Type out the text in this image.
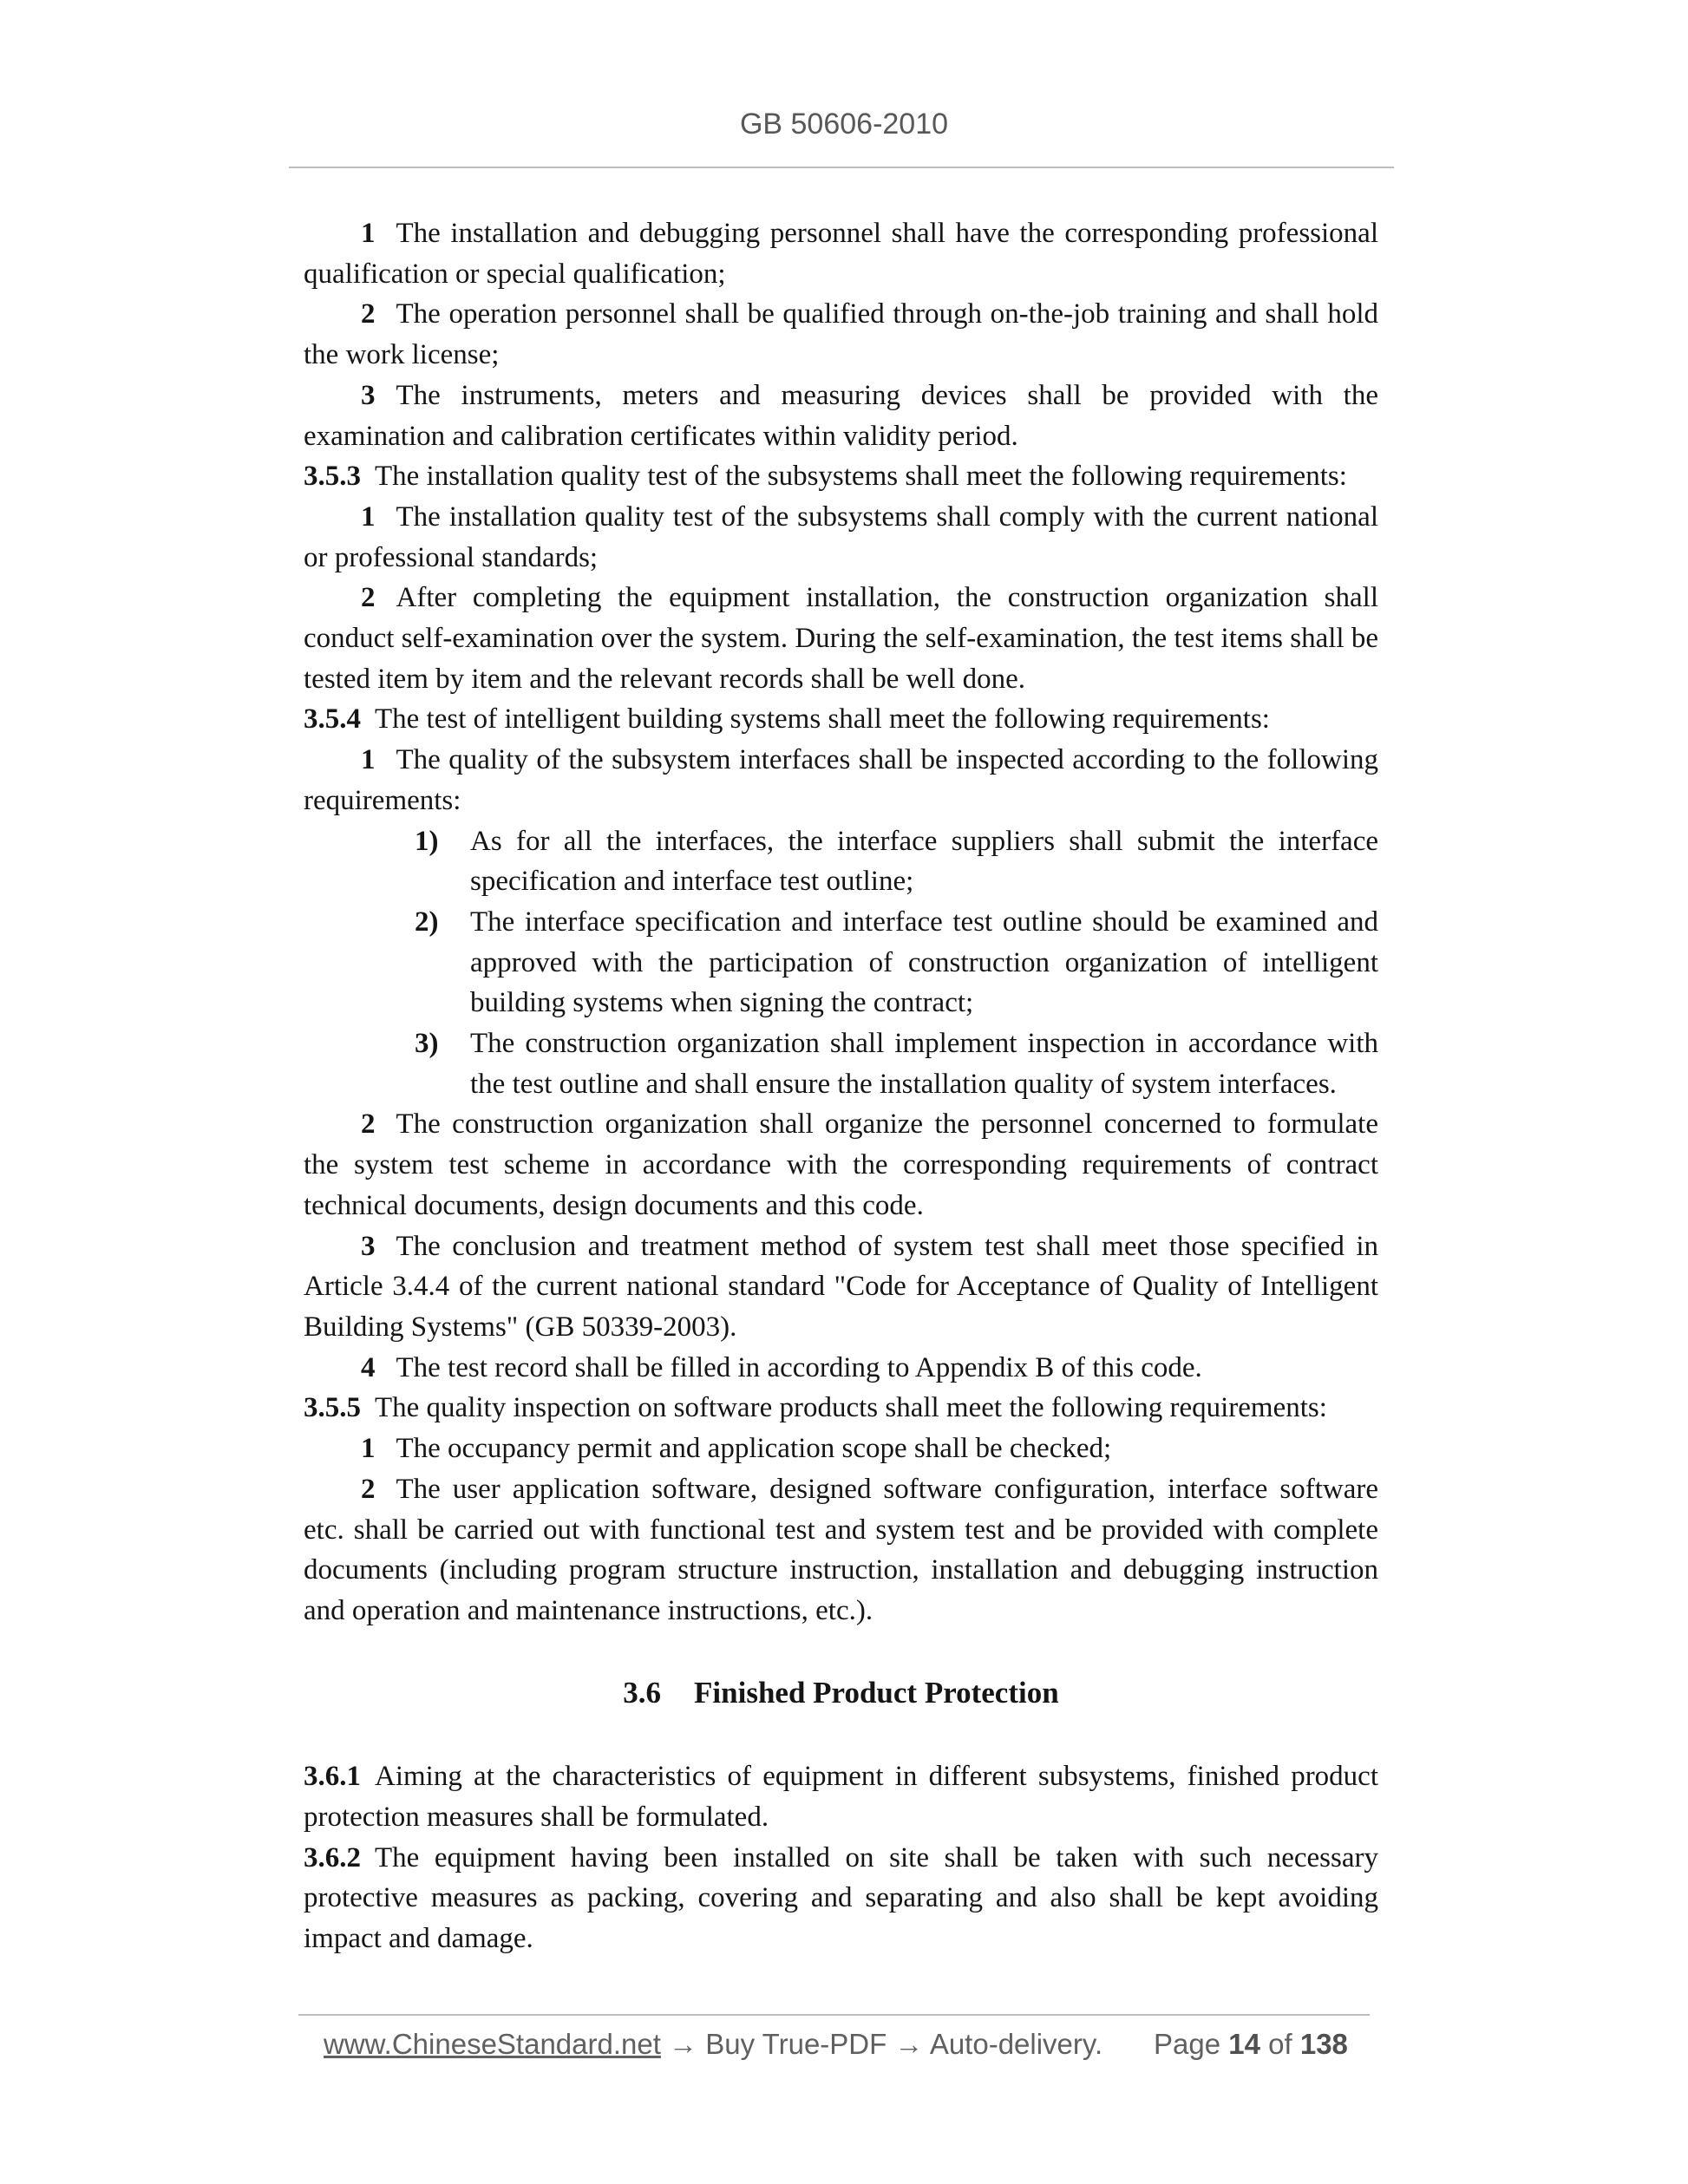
GB 50606-2010

1 The installation and debugging personnel shall have the corresponding professional qualification or special qualification;

2 The operation personnel shall be qualified through on-the-job training and shall hold the work license;

3 The instruments, meters and measuring devices shall be provided with the examination and calibration certificates within validity period.

3.5.3 The installation quality test of the subsystems shall meet the following requirements:

1 The installation quality test of the subsystems shall comply with the current national or professional standards;

2 After completing the equipment installation, the construction organization shall conduct self-examination over the system. During the self-examination, the test items shall be tested item by item and the relevant records shall be well done.

3.5.4 The test of intelligent building systems shall meet the following requirements:

1 The quality of the subsystem interfaces shall be inspected according to the following requirements:

1) As for all the interfaces, the interface suppliers shall submit the interface specification and interface test outline;

2) The interface specification and interface test outline should be examined and approved with the participation of construction organization of intelligent building systems when signing the contract;

3) The construction organization shall implement inspection in accordance with the test outline and shall ensure the installation quality of system interfaces.

2 The construction organization shall organize the personnel concerned to formulate the system test scheme in accordance with the corresponding requirements of contract technical documents, design documents and this code.

3 The conclusion and treatment method of system test shall meet those specified in Article 3.4.4 of the current national standard "Code for Acceptance of Quality of Intelligent Building Systems" (GB 50339-2003).

4 The test record shall be filled in according to Appendix B of this code.

3.5.5 The quality inspection on software products shall meet the following requirements:

1 The occupancy permit and application scope shall be checked;

2 The user application software, designed software configuration, interface software etc. shall be carried out with functional test and system test and be provided with complete documents (including program structure instruction, installation and debugging instruction and operation and maintenance instructions, etc.).

3.6 Finished Product Protection

3.6.1 Aiming at the characteristics of equipment in different subsystems, finished product protection measures shall be formulated.

3.6.2 The equipment having been installed on site shall be taken with such necessary protective measures as packing, covering and separating and also shall be kept avoiding impact and damage.

www.ChineseStandard.net → Buy True-PDF → Auto-delivery. Page 14 of 138
